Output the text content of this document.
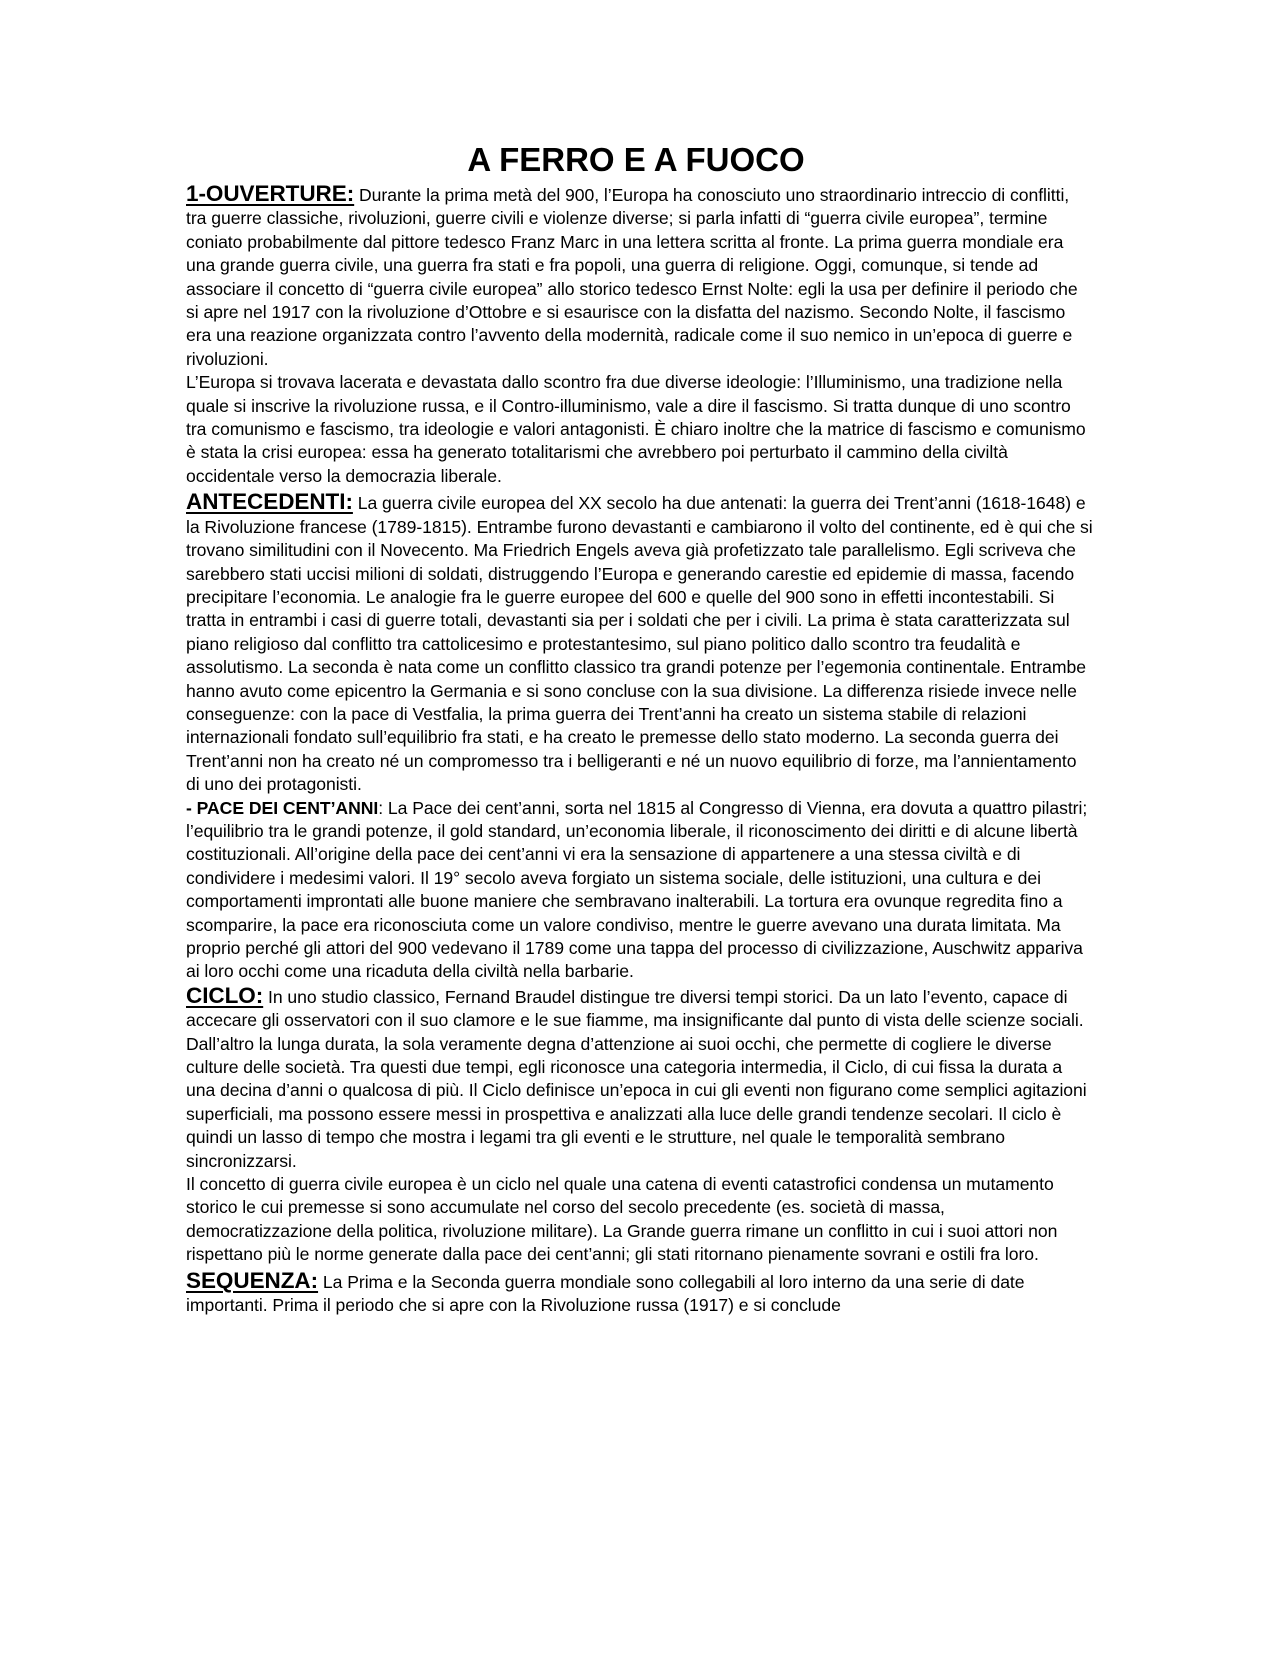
A FERRO E A FUOCO

1-OUVERTURE: Durante la prima metà del 900, l’Europa ha conosciuto uno straordinario intreccio di conflitti, tra guerre classiche, rivoluzioni, guerre civili e violenze diverse; si parla infatti di “guerra civile europea”, termine coniato probabilmente dal pittore tedesco Franz Marc in una lettera scritta al fronte. La prima guerra mondiale era una grande guerra civile, una guerra fra stati e fra popoli, una guerra di religione. Oggi, comunque, si tende ad associare il concetto di “guerra civile europea” allo storico tedesco Ernst Nolte: egli la usa per definire il periodo che si apre nel 1917 con la rivoluzione d’Ottobre e si esaurisce con la disfatta del nazismo. Secondo Nolte, il fascismo era una reazione organizzata contro l’avvento della modernità, radicale come il suo nemico in un’epoca di guerre e rivoluzioni.

L’Europa si trovava lacerata e devastata dallo scontro fra due diverse ideologie: l’Illuminismo, una tradizione nella quale si inscrive la rivoluzione russa, e il Contro-illuminismo, vale a dire il fascismo. Si tratta dunque di uno scontro tra comunismo e fascismo, tra ideologie e valori antagonisti. È chiaro inoltre che la matrice di fascismo e comunismo è stata la crisi europea: essa ha generato totalitarismi che avrebbero poi perturbato il cammino della civiltà occidentale verso la democrazia liberale.

ANTECEDENTI: La guerra civile europea del XX secolo ha due antenati: la guerra dei Trent’anni (1618-1648) e la Rivoluzione francese (1789-1815). Entrambe furono devastanti e cambiarono il volto del continente, ed è qui che si trovano similitudini con il Novecento. Ma Friedrich Engels aveva già profetizzato tale parallelismo. Egli scriveva che sarebbero stati uccisi milioni di soldati, distruggendo l’Europa e generando carestie ed epidemie di massa, facendo precipitare l’economia. Le analogie fra le guerre europee del 600 e quelle del 900 sono in effetti incontestabili. Si tratta in entrambi i casi di guerre totali, devastanti sia per i soldati che per i civili. La prima è stata caratterizzata sul piano religioso dal conflitto tra cattolicesimo e protestantesimo, sul piano politico dallo scontro tra feudalità e assolutismo. La seconda è nata come un conflitto classico tra grandi potenze per l’egemonia continentale. Entrambe hanno avuto come epicentro la Germania e si sono concluse con la sua divisione. La differenza risiede invece nelle conseguenze: con la pace di Vestfalia, la prima guerra dei Trent’anni ha creato un sistema stabile di relazioni internazionali fondato sull’equilibrio fra stati, e ha creato le premesse dello stato moderno. La seconda guerra dei Trent’anni non ha creato né un compromesso tra i belligeranti e né un nuovo equilibrio di forze, ma l’annientamento di uno dei protagonisti.

- PACE DEI CENT’ANNI: La Pace dei cent’anni, sorta nel 1815 al Congresso di Vienna, era dovuta a quattro pilastri; l’equilibrio tra le grandi potenze, il gold standard, un’economia liberale, il riconoscimento dei diritti e di alcune libertà costituzionali. All’origine della pace dei cent’anni vi era la sensazione di appartenere a una stessa civiltà e di condividere i medesimi valori. Il 19° secolo aveva forgiato un sistema sociale, delle istituzioni, una cultura e dei comportamenti improntati alle buone maniere che sembravano inalterabili. La tortura era ovunque regredita fino a scomparire, la pace era riconosciuta come un valore condiviso, mentre le guerre avevano una durata limitata. Ma proprio perché gli attori del 900 vedevano il 1789 come una tappa del processo di civilizzazione, Auschwitz appariva ai loro occhi come una ricaduta della civiltà nella barbarie.

CICLO: In uno studio classico, Fernand Braudel distingue tre diversi tempi storici. Da un lato l’evento, capace di accecare gli osservatori con il suo clamore e le sue fiamme, ma insignificante dal punto di vista delle scienze sociali. Dall’altro la lunga durata, la sola veramente degna d’attenzione ai suoi occhi, che permette di cogliere le diverse culture delle società. Tra questi due tempi, egli riconosce una categoria intermedia, il Ciclo, di cui fissa la durata a una decina d’anni o qualcosa di più. Il Ciclo definisce un’epoca in cui gli eventi non figurano come semplici agitazioni superficiali, ma possono essere messi in prospettiva e analizzati alla luce delle grandi tendenze secolari. Il ciclo è quindi un lasso di tempo che mostra i legami tra gli eventi e le strutture, nel quale le temporalità sembrano sincronizzarsi.

Il concetto di guerra civile europea è un ciclo nel quale una catena di eventi catastrofici condensa un mutamento storico le cui premesse si sono accumulate nel corso del secolo precedente (es. società di massa, democratizzazione della politica, rivoluzione militare). La Grande guerra rimane un conflitto in cui i suoi attori non rispettano più le norme generate dalla pace dei cent’anni; gli stati ritornano pienamente sovrani e ostili fra loro.

SEQUENZA: La Prima e la Seconda guerra mondiale sono collegabili al loro interno da una serie di date importanti. Prima il periodo che si apre con la Rivoluzione russa (1917) e si conclude
